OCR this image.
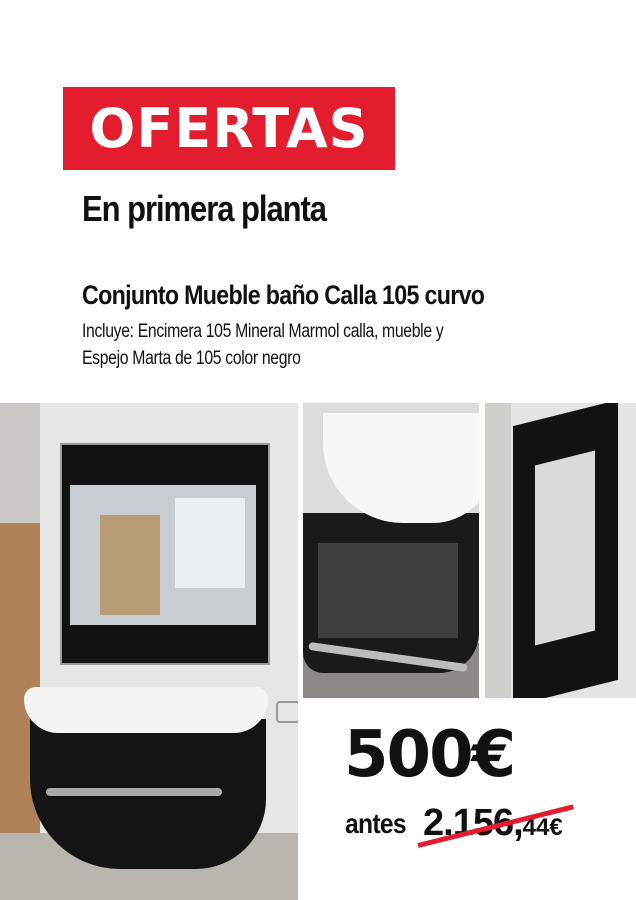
OFERTAS
En primera planta
Conjunto Mueble baño Calla 105 curvo
Incluye: Encimera 105 Mineral Marmol calla, mueble y
Espejo Marta de 105 color negro
500€
antes 2.156,44€
